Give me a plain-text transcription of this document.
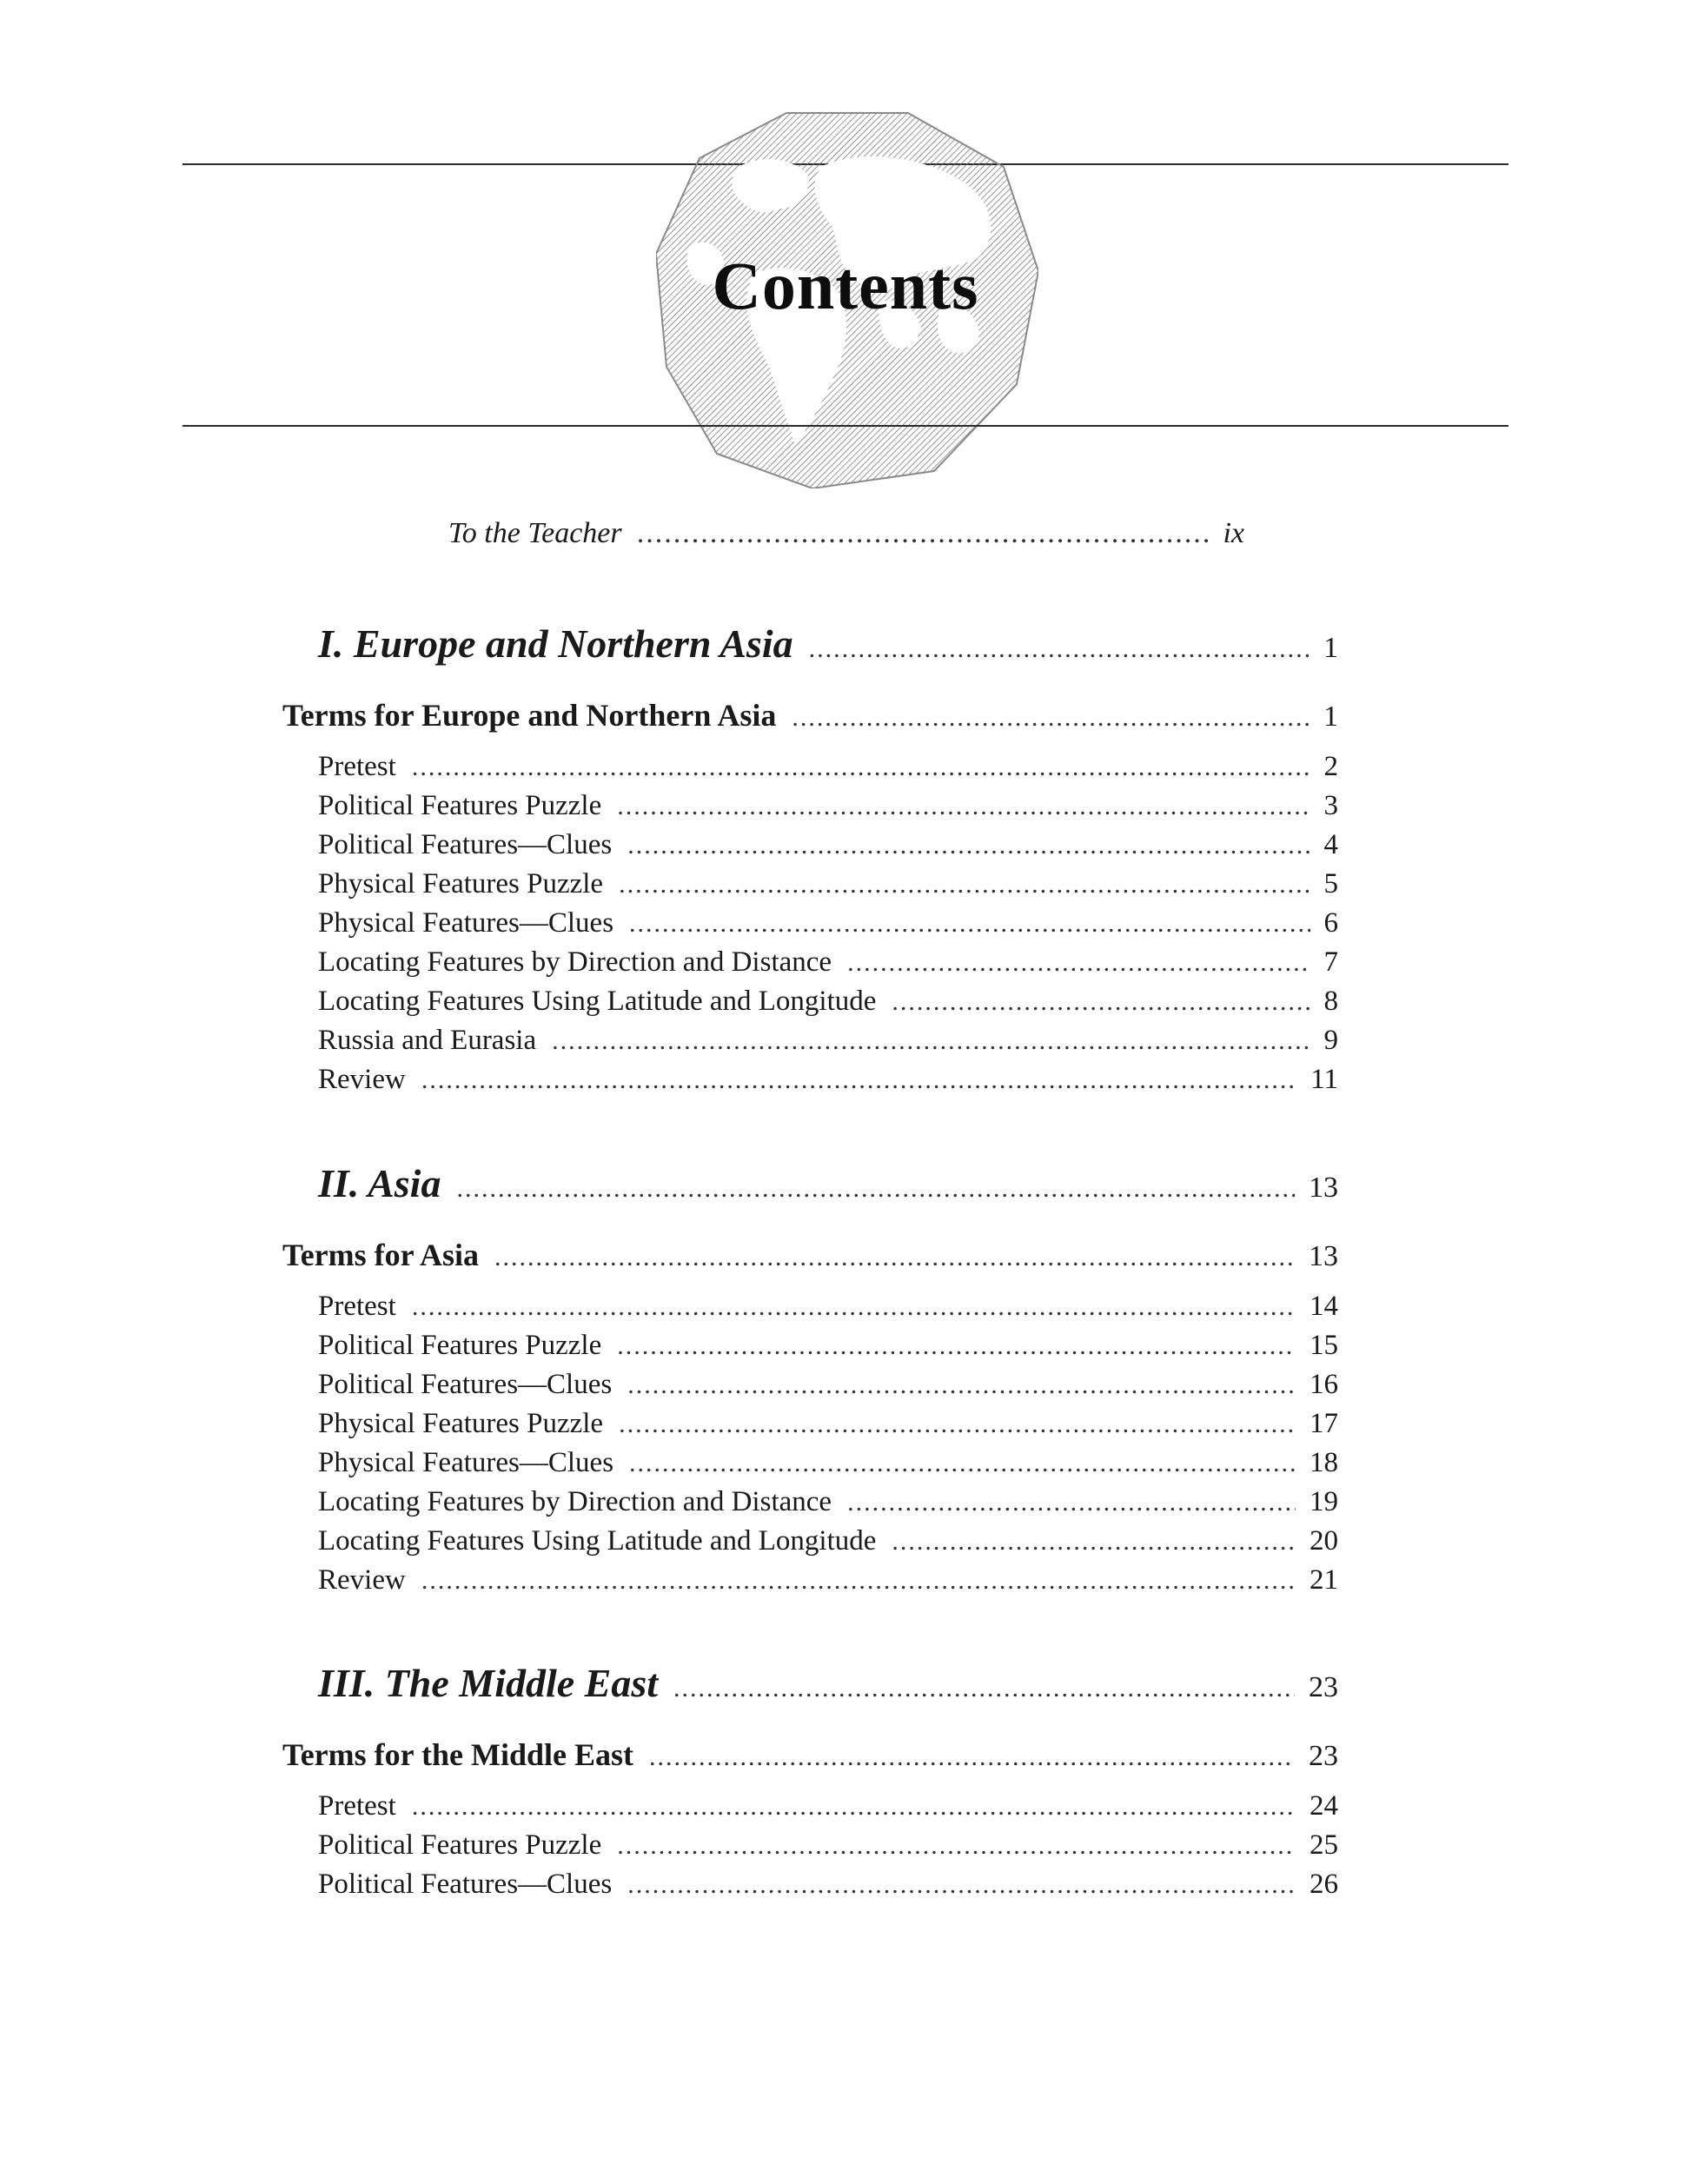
Contents
To the Teacher .....	ix
I. Europe and Northern Asia .....	1
Terms for Europe and Northern Asia .....	1
Pretest .....	2
Political Features Puzzle .....	3
Political Features—Clues .....	4
Physical Features Puzzle .....	5
Physical Features—Clues .....	6
Locating Features by Direction and Distance .....	7
Locating Features Using Latitude and Longitude .....	8
Russia and Eurasia .....	9
Review .....	11
II. Asia .....	13
Terms for Asia .....	13
Pretest .....	14
Political Features Puzzle .....	15
Political Features—Clues .....	16
Physical Features Puzzle .....	17
Physical Features—Clues .....	18
Locating Features by Direction and Distance .....	19
Locating Features Using Latitude and Longitude .....	20
Review .....	21
III. The Middle East .....	23
Terms for the Middle East .....	23
Pretest .....	24
Political Features Puzzle .....	25
Political Features—Clues .....	26
